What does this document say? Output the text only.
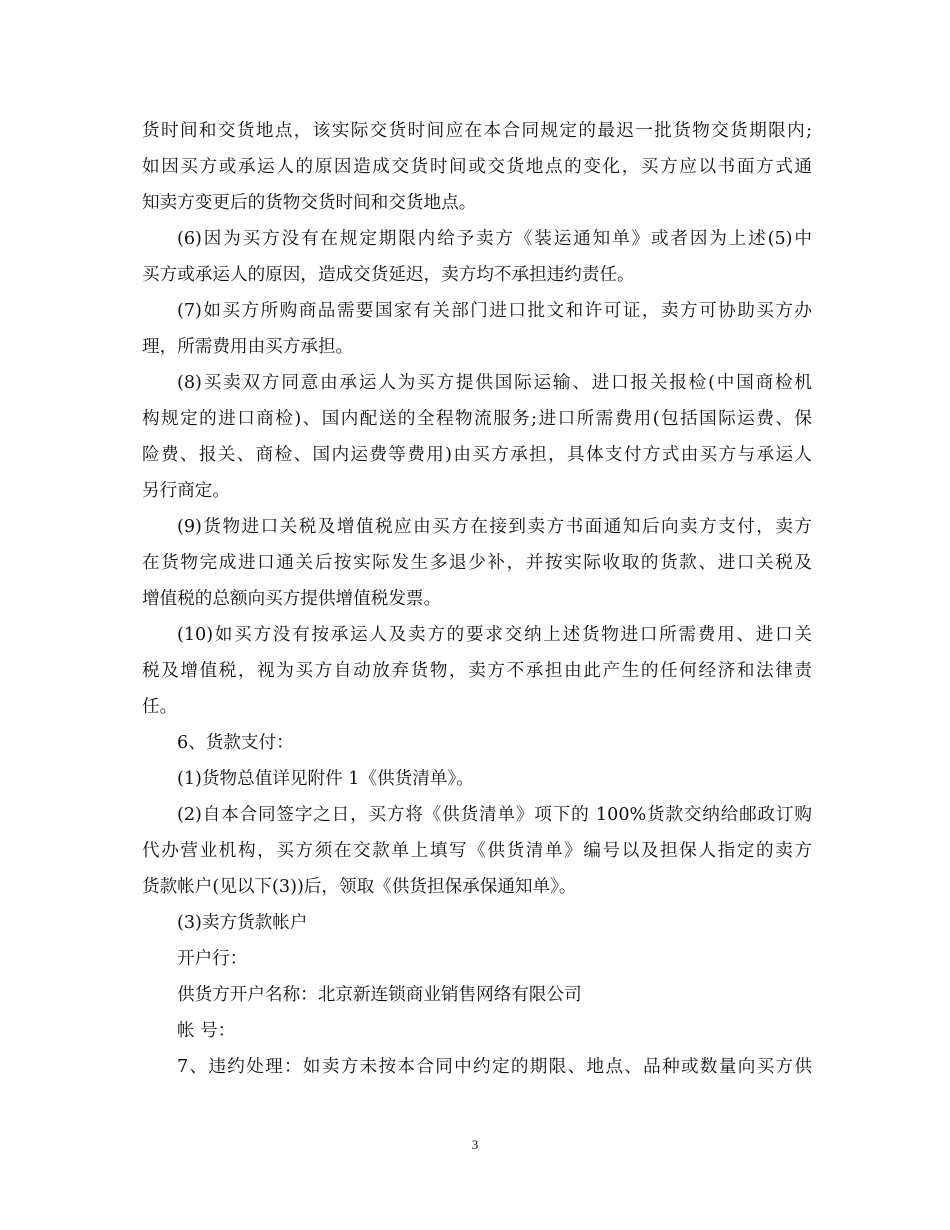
货时间和交货地点，该实际交货时间应在本合同规定的最迟一批货物交货期限内;
如因买方或承运人的原因造成交货时间或交货地点的变化，买方应以书面方式通
知卖方变更后的货物交货时间和交货地点。
(6)因为买方没有在规定期限内给予卖方《装运通知单》或者因为上述(5)中
买方或承运人的原因，造成交货延迟，卖方均不承担违约责任。
(7)如买方所购商品需要国家有关部门进口批文和许可证，卖方可协助买方办
理，所需费用由买方承担。
(8)买卖双方同意由承运人为买方提供国际运输、进口报关报检(中国商检机
构规定的进口商检)、国内配送的全程物流服务;进口所需费用(包括国际运费、保
险费、报关、商检、国内运费等费用)由买方承担，具体支付方式由买方与承运人
另行商定。
(9)货物进口关税及增值税应由买方在接到卖方书面通知后向卖方支付，卖方
在货物完成进口通关后按实际发生多退少补，并按实际收取的货款、进口关税及
增值税的总额向买方提供增值税发票。
(10)如买方没有按承运人及卖方的要求交纳上述货物进口所需费用、进口关
税及增值税，视为买方自动放弃货物，卖方不承担由此产生的任何经济和法律责
任。
6、货款支付：
(1)货物总值详见附件 1《供货清单》。
(2)自本合同签字之日，买方将《供货清单》项下的 100%货款交纳给邮政订购
代办营业机构，买方须在交款单上填写《供货清单》编号以及担保人指定的卖方
货款帐户(见以下(3))后，领取《供货担保承保通知单》。
(3)卖方货款帐户
开户行：
供货方开户名称：北京新连锁商业销售网络有限公司
帐 号：
7、违约处理：如卖方未按本合同中约定的期限、地点、品种或数量向买方供
3
